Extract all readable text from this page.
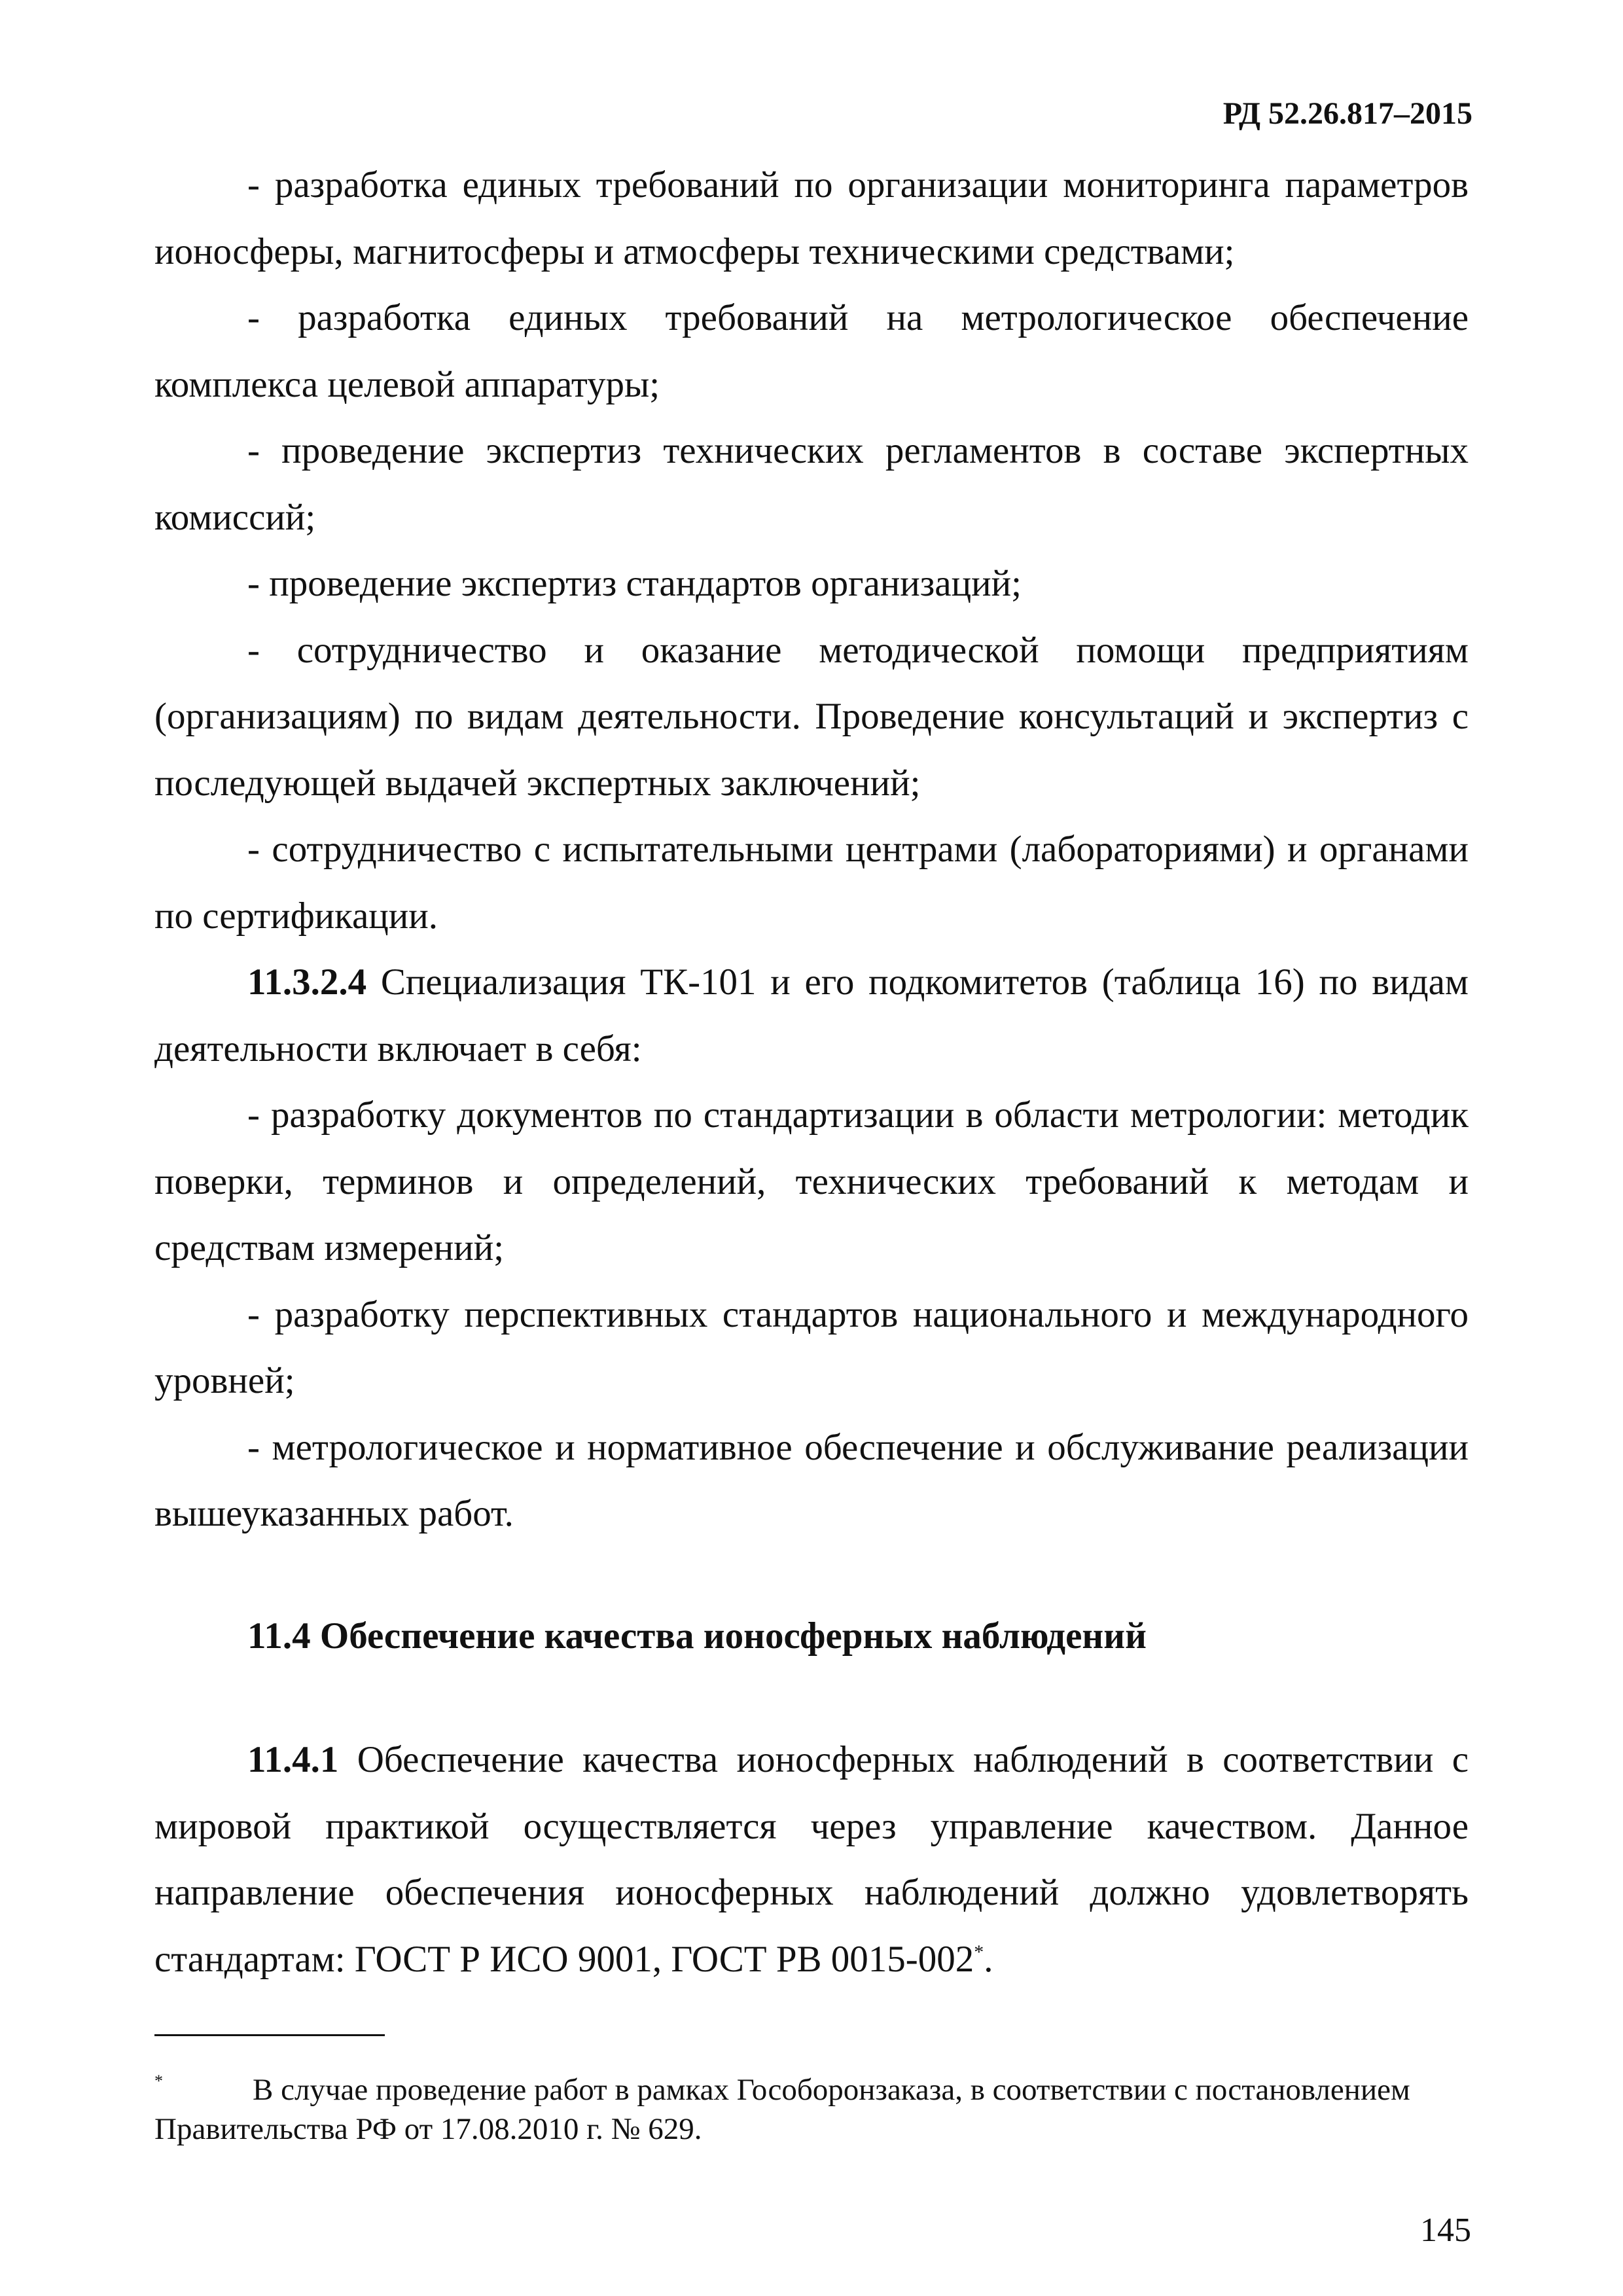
РД 52.26.817–2015

- разработка единых требований по организации мониторинга параметров ионосферы, магнитосферы и атмосферы техническими средствами;

- разработка единых требований на метрологическое обеспечение комплекса целевой аппаратуры;

- проведение экспертиз технических регламентов в составе экспертных комиссий;

- проведение экспертиз стандартов организаций;

- сотрудничество и оказание методической помощи предприятиям (организациям) по видам деятельности. Проведение консультаций и экспертиз с последующей выдачей экспертных заключений;

- сотрудничество с испытательными центрами (лабораториями) и органами по сертификации.

11.3.2.4 Специализация ТК-101 и его подкомитетов (таблица 16) по видам деятельности включает в себя:

- разработку документов по стандартизации в области метрологии: методик поверки, терминов и определений, технических требований к методам и средствам измерений;

- разработку перспективных стандартов национального и международного уровней;

- метрологическое и нормативное обеспечение и обслуживание реализации вышеуказанных работ.

11.4 Обеспечение качества ионосферных наблюдений

11.4.1 Обеспечение качества ионосферных наблюдений в соответствии с мировой практикой осуществляется через управление качеством. Данное направление обеспечения ионосферных наблюдений должно удовлетворять стандартам: ГОСТ Р ИСО 9001, ГОСТ РВ 0015-002*.

*	В случае проведение работ в рамках Гособоронзаказа, в соответствии с постановлением Правительства РФ от 17.08.2010 г. № 629.
145
